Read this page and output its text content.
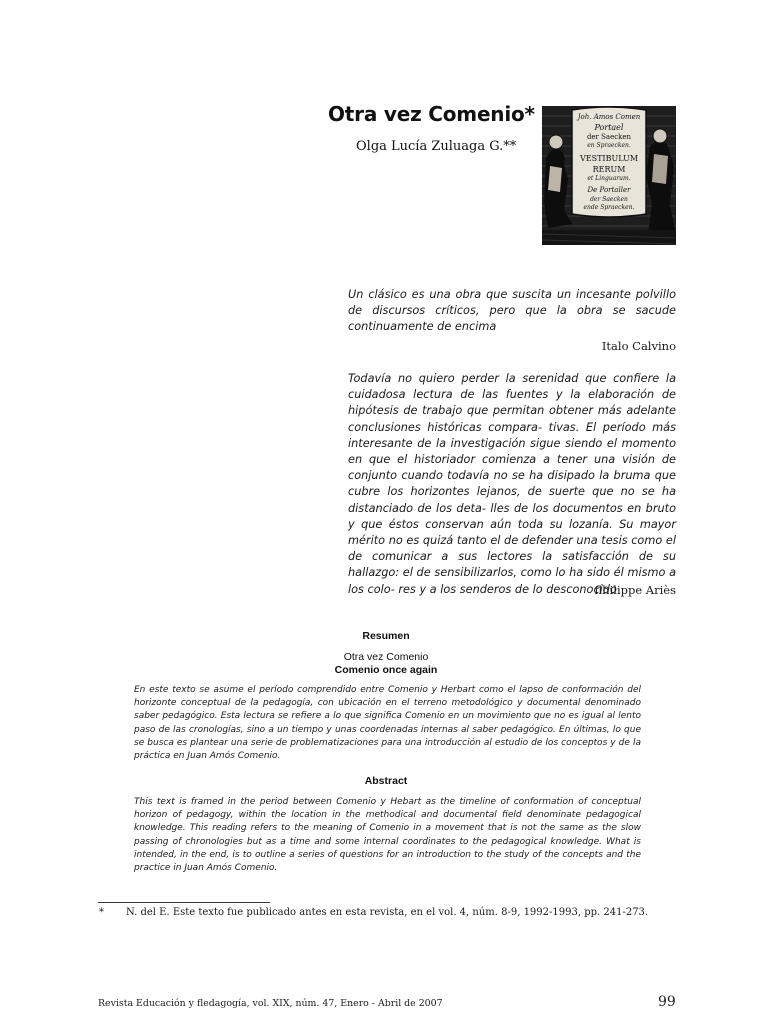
Otra vez Comenio*
Olga Lucía Zuluaga G.**
Joh. Amos Comen
Portael
der Saecken
en Spraecken.
VESTIBULUM
RERUM
et Linguarum.
De Portaller
der Saecken
ende Spraecken.
Un clásico es una obra que suscita un incesante polvillo de discursos críticos, pero que la obra se sacude continuamente de encima
Italo Calvino
Todavía no quiero perder la serenidad que confiere la cuidadosa lectura de las fuentes y la elaboración de hipótesis de trabajo que permitan obtener más adelante conclusiones históricas compara- tivas. El período más interesante de la investigación sigue siendo el momento en que el historiador comienza a tener una visión de conjunto cuando todavía no se ha disipado la bruma que cubre los horizontes lejanos, de suerte que no se ha distanciado de los deta- lles de los documentos en bruto y que éstos conservan aún toda su lozanía. Su mayor mérito no es quizá tanto el de defender una tesis como el de comunicar a sus lectores la satisfacción de su hallazgo: el de sensibilizarlos, como lo ha sido él mismo a los colo- res y a los senderos de lo desconocido
flhilippe Ariès
Resumen
Otra vez Comenio
Comenio once again
En este texto se asume el período comprendido entre Comenio y Herbart como el lapso de conformación del horizonte conceptual de la pedagogía, con ubicación en el terreno metodológico y documental denominado saber pedagógico. Esta lectura se refiere a lo que significa Comenio en un movimiento que no es igual al lento paso de las cronologías, sino a un tiempo y unas coordenadas internas al saber pedagógico. En últimas, lo que se busca es plantear una serie de problematizaciones para una introducción al estudio de los conceptos y de la práctica en Juan Amós Comenio.
Abstract
This text is framed in the period between Comenio y Hebart as the timeline of conformation of conceptual horizon of pedagogy, within the location in the methodical and documental field denominate pedagogical knowledge. This reading refers to the meaning of Comenio in a movement that is not the same as the slow passing of chronologies but as a time and some internal coordinates to the pedagogical knowledge. What is intended, in the end, is to outline a series of questions for an introduction to the study of the concepts and the practice in Juan Amós Comenio.
* N. del E. Este texto fue publicado antes en esta revista, en el vol. 4, núm. 8-9, 1992-1993, pp. 241-273.
Revista Educación y fledagogía, vol. XIX, núm. 47, Enero - Abril de 2007	99
